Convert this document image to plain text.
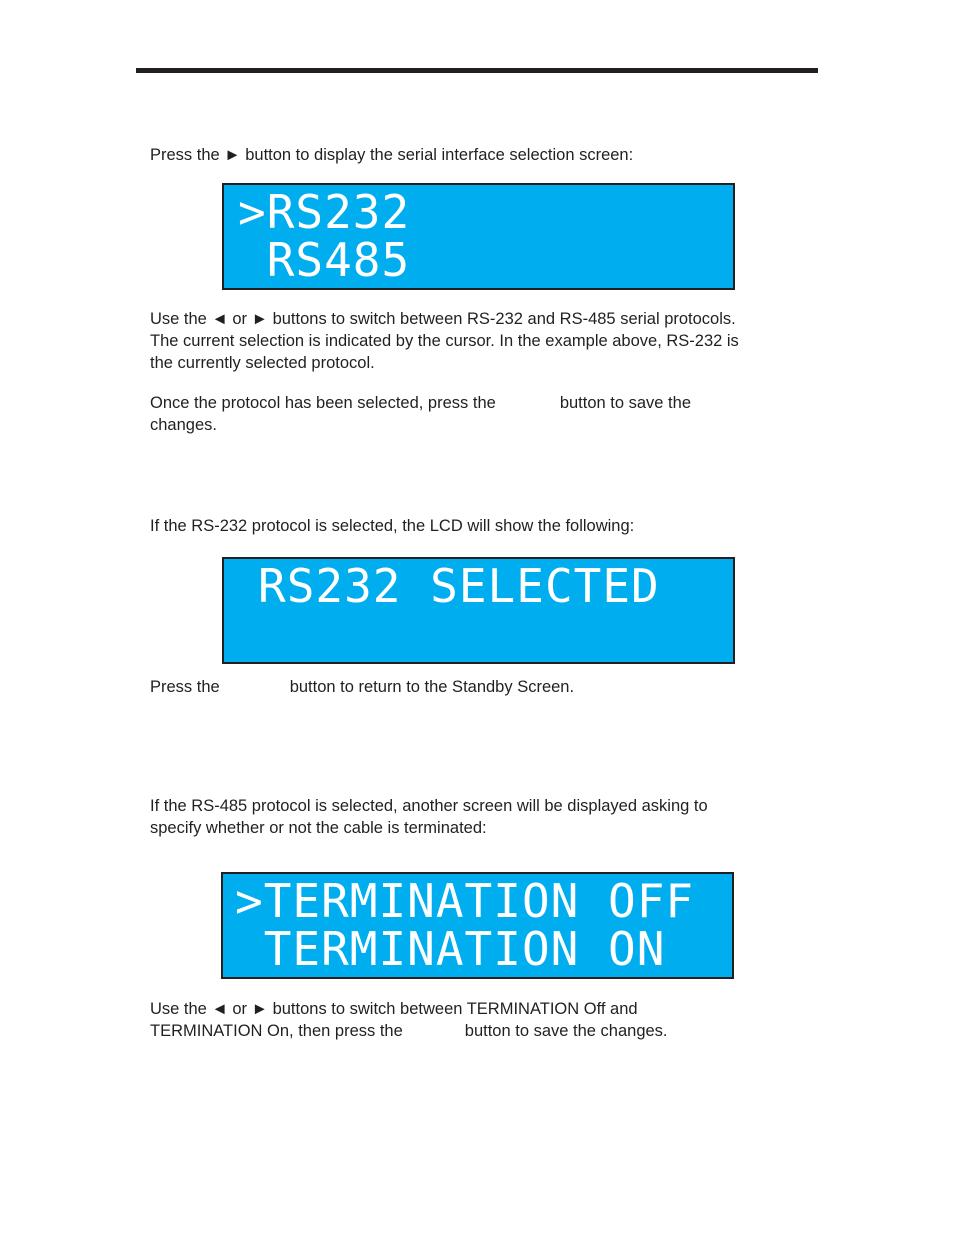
Press the ► button to display the serial interface selection screen:

>RS232
RS485
Use the ◄ or ► buttons to switch between RS-232 and RS-485 serial protocols.
The current selection is indicated by the cursor. In the example above, RS-232 is
the currently selected protocol.
Once the protocol has been selected, press the	button to save the
changes.

If the RS-232 protocol is selected, the LCD will show the following:

RS232 SELECTED

Press the	button to return to the Standby Screen.

If the RS-485 protocol is selected, another screen will be displayed asking to
specify whether or not the cable is terminated:
>TERMINATION OFF
TERMINATION ON
Use the ◄ or ► buttons to switch between TERMINATION Off and
TERMINATION On, then press the	button to save the changes.
